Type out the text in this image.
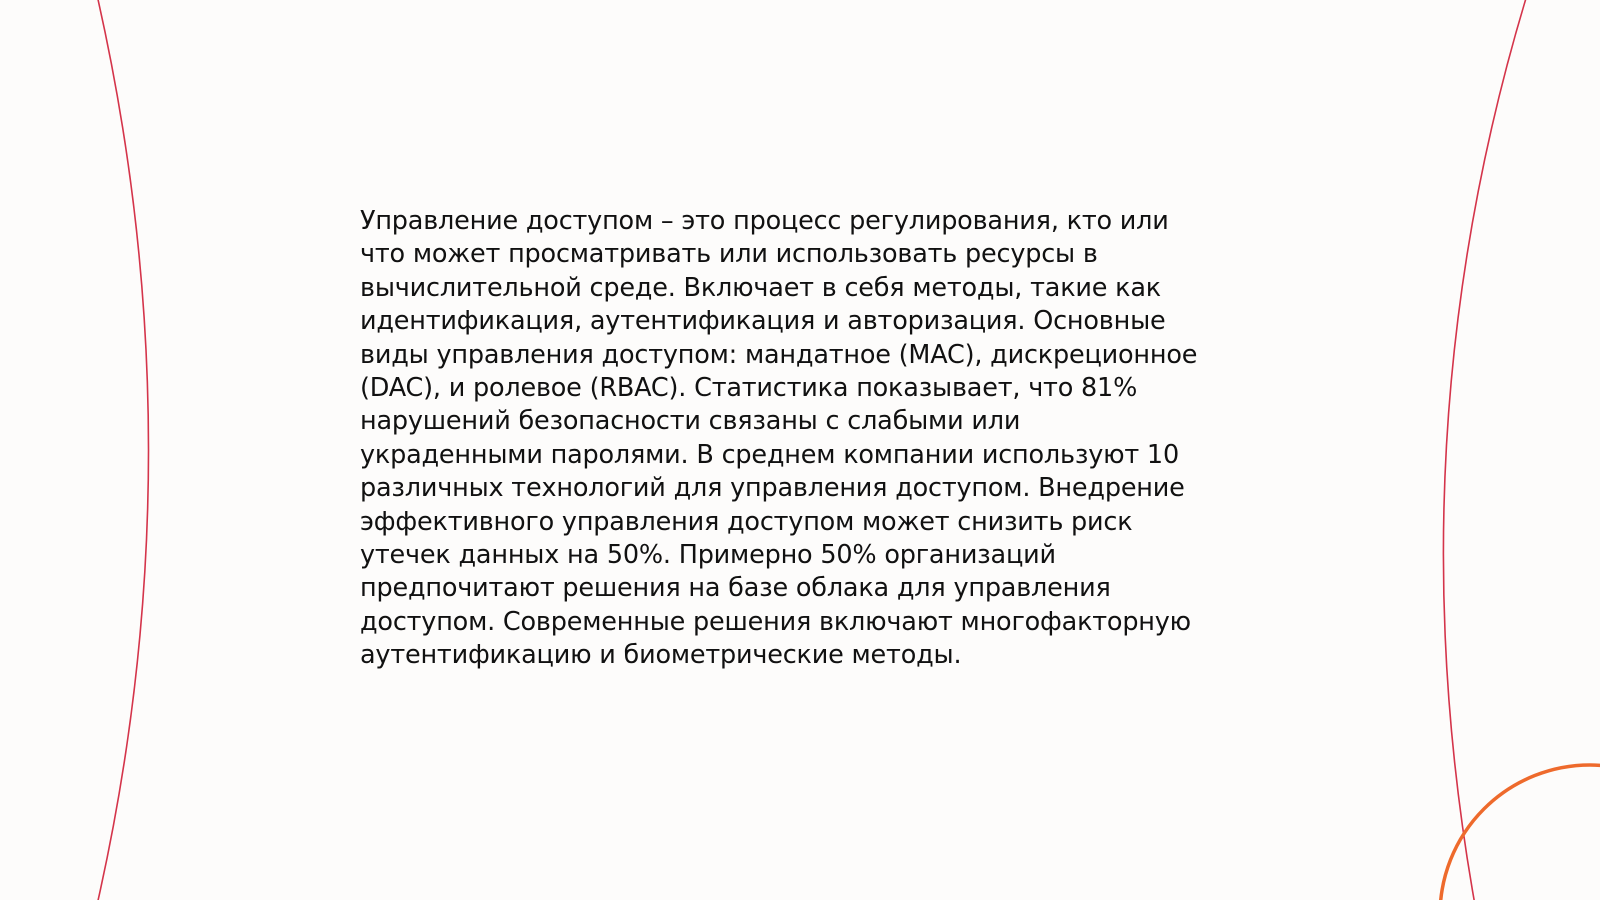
Управление доступом – это процесс регулирования, кто или
что может просматривать или использовать ресурсы в
вычислительной среде. Включает в себя методы, такие как
идентификация, аутентификация и авторизация. Основные
виды управления доступом: мандатное (MAC), дискреционное
(DAC), и ролевое (RBAC). Статистика показывает, что 81%
нарушений безопасности связаны с слабыми или
украденными паролями. В среднем компании используют 10
различных технологий для управления доступом. Внедрение
эффективного управления доступом может снизить риск
утечек данных на 50%. Примерно 50% организаций
предпочитают решения на базе облака для управления
доступом. Современные решения включают многофакторную
аутентификацию и биометрические методы.
